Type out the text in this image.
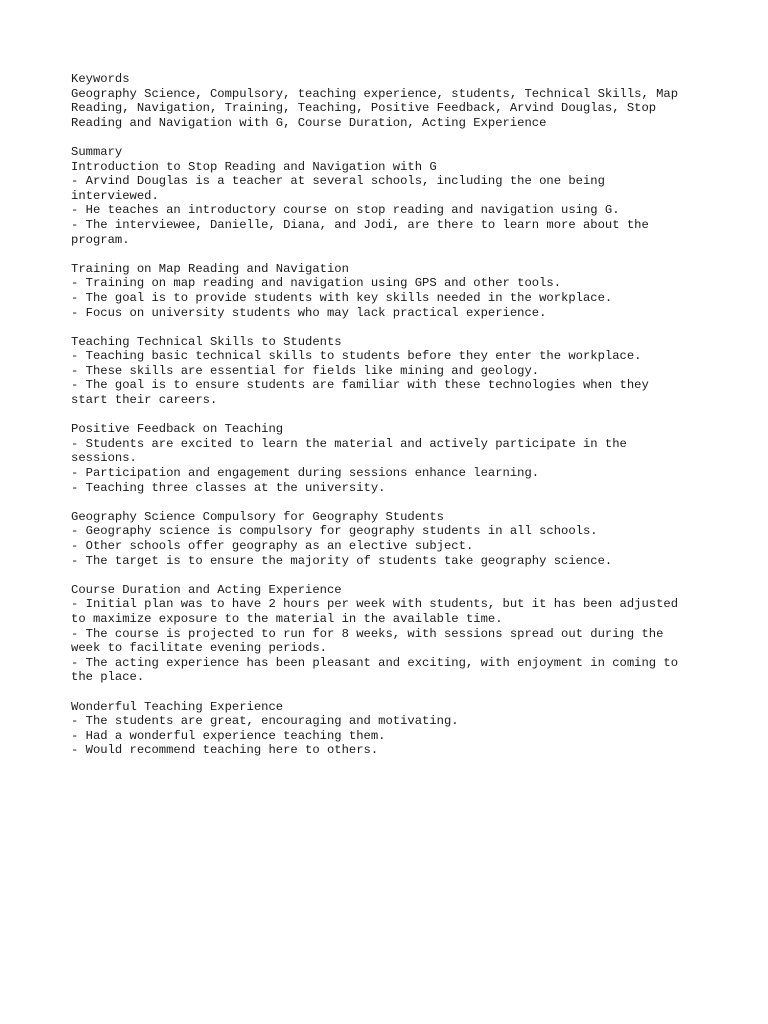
Keywords
Geography Science, Compulsory, teaching experience, students, Technical Skills, Map
Reading, Navigation, Training, Teaching, Positive Feedback, Arvind Douglas, Stop
Reading and Navigation with G, Course Duration, Acting Experience
Summary
Introduction to Stop Reading and Navigation with G
- Arvind Douglas is a teacher at several schools, including the one being
interviewed.
- He teaches an introductory course on stop reading and navigation using G.
- The interviewee, Danielle, Diana, and Jodi, are there to learn more about the
program.
Training on Map Reading and Navigation
- Training on map reading and navigation using GPS and other tools.
- The goal is to provide students with key skills needed in the workplace.
- Focus on university students who may lack practical experience.
Teaching Technical Skills to Students
- Teaching basic technical skills to students before they enter the workplace.
- These skills are essential for fields like mining and geology.
- The goal is to ensure students are familiar with these technologies when they
start their careers.
Positive Feedback on Teaching
- Students are excited to learn the material and actively participate in the
sessions.
- Participation and engagement during sessions enhance learning.
- Teaching three classes at the university.
Geography Science Compulsory for Geography Students
- Geography science is compulsory for geography students in all schools.
- Other schools offer geography as an elective subject.
- The target is to ensure the majority of students take geography science.
Course Duration and Acting Experience
- Initial plan was to have 2 hours per week with students, but it has been adjusted
to maximize exposure to the material in the available time.
- The course is projected to run for 8 weeks, with sessions spread out during the
week to facilitate evening periods.
- The acting experience has been pleasant and exciting, with enjoyment in coming to
the place.
Wonderful Teaching Experience
- The students are great, encouraging and motivating.
- Had a wonderful experience teaching them.
- Would recommend teaching here to others.
